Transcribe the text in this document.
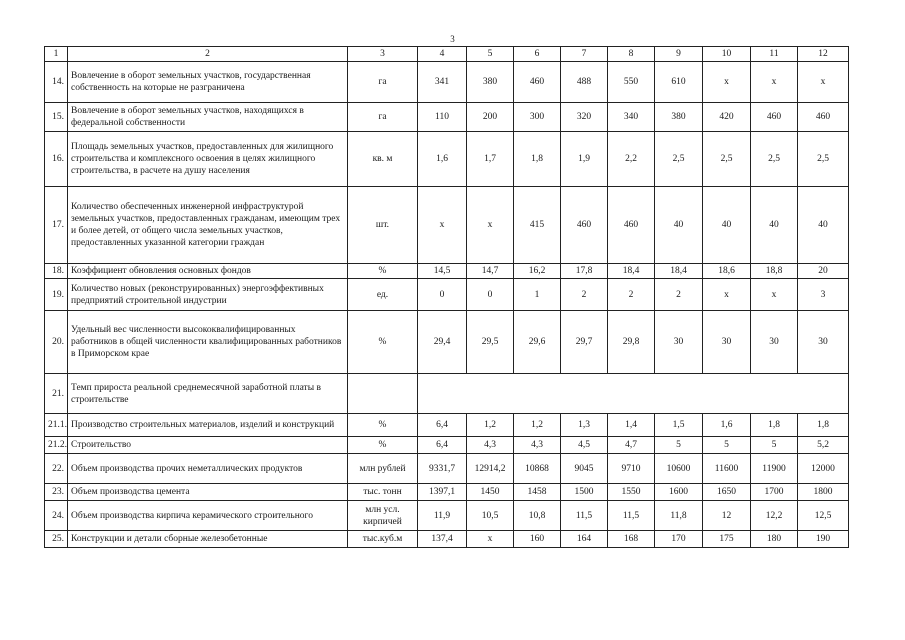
3
1	2	3	4	5	6	7	8	9	10	11	12
14.	Вовлечение в оборот земельных участков, государственная собственность на которые не разграничена	га	341	380	460	488	550	610	х	х	х
15.	Вовлечение в оборот земельных участков, находящихся в федеральной собственности	га	110	200	300	320	340	380	420	460	460
16.	Площадь земельных участков, предоставленных для жилищного строительства и комплексного освоения в целях жилищного строительства, в расчете на душу населения	кв. м	1,6	1,7	1,8	1,9	2,2	2,5	2,5	2,5	2,5
17.	Количество обеспеченных инженерной инфраструктурой земельных участков, предоставленных гражданам, имеющим трех и более детей, от общего числа земельных участков, предоставленных указанной категории граждан	шт.	х	х	415	460	460	40	40	40	40
18.	Коэффициент обновления основных фондов	%	14,5	14,7	16,2	17,8	18,4	18,4	18,6	18,8	20
19.	Количество новых (реконструированных) энергоэффективных предприятий строительной индустрии	ед.	0	0	1	2	2	2	х	х	3
20.	Удельный вес численности высококвалифицированных работников в общей численности квалифицированных работников в Приморском крае	%	29,4	29,5	29,6	29,7	29,8	30	30	30	30
21.	Темп прироста реальной среднемесячной заработной платы в строительстве										
21.1.	Производство строительных материалов, изделий и конструкций	%	6,4	1,2	1,2	1,3	1,4	1,5	1,6	1,8	1,8
21.2.	Строительство	%	6,4	4,3	4,3	4,5	4,7	5	5	5	5,2
22.	Объем производства прочих неметаллических продуктов	млн рублей	9331,7	12914,2	10868	9045	9710	10600	11600	11900	12000
23.	Объем производства цемента	тыс. тонн	1397,1	1450	1458	1500	1550	1600	1650	1700	1800
24.	Объем производства кирпича керамического строительного	млн усл. кирпичей	11,9	10,5	10,8	11,5	11,5	11,8	12	12,2	12,5
25.	Конструкции и детали сборные железобетонные	тыс.куб.м	137,4	х	160	164	168	170	175	180	190
